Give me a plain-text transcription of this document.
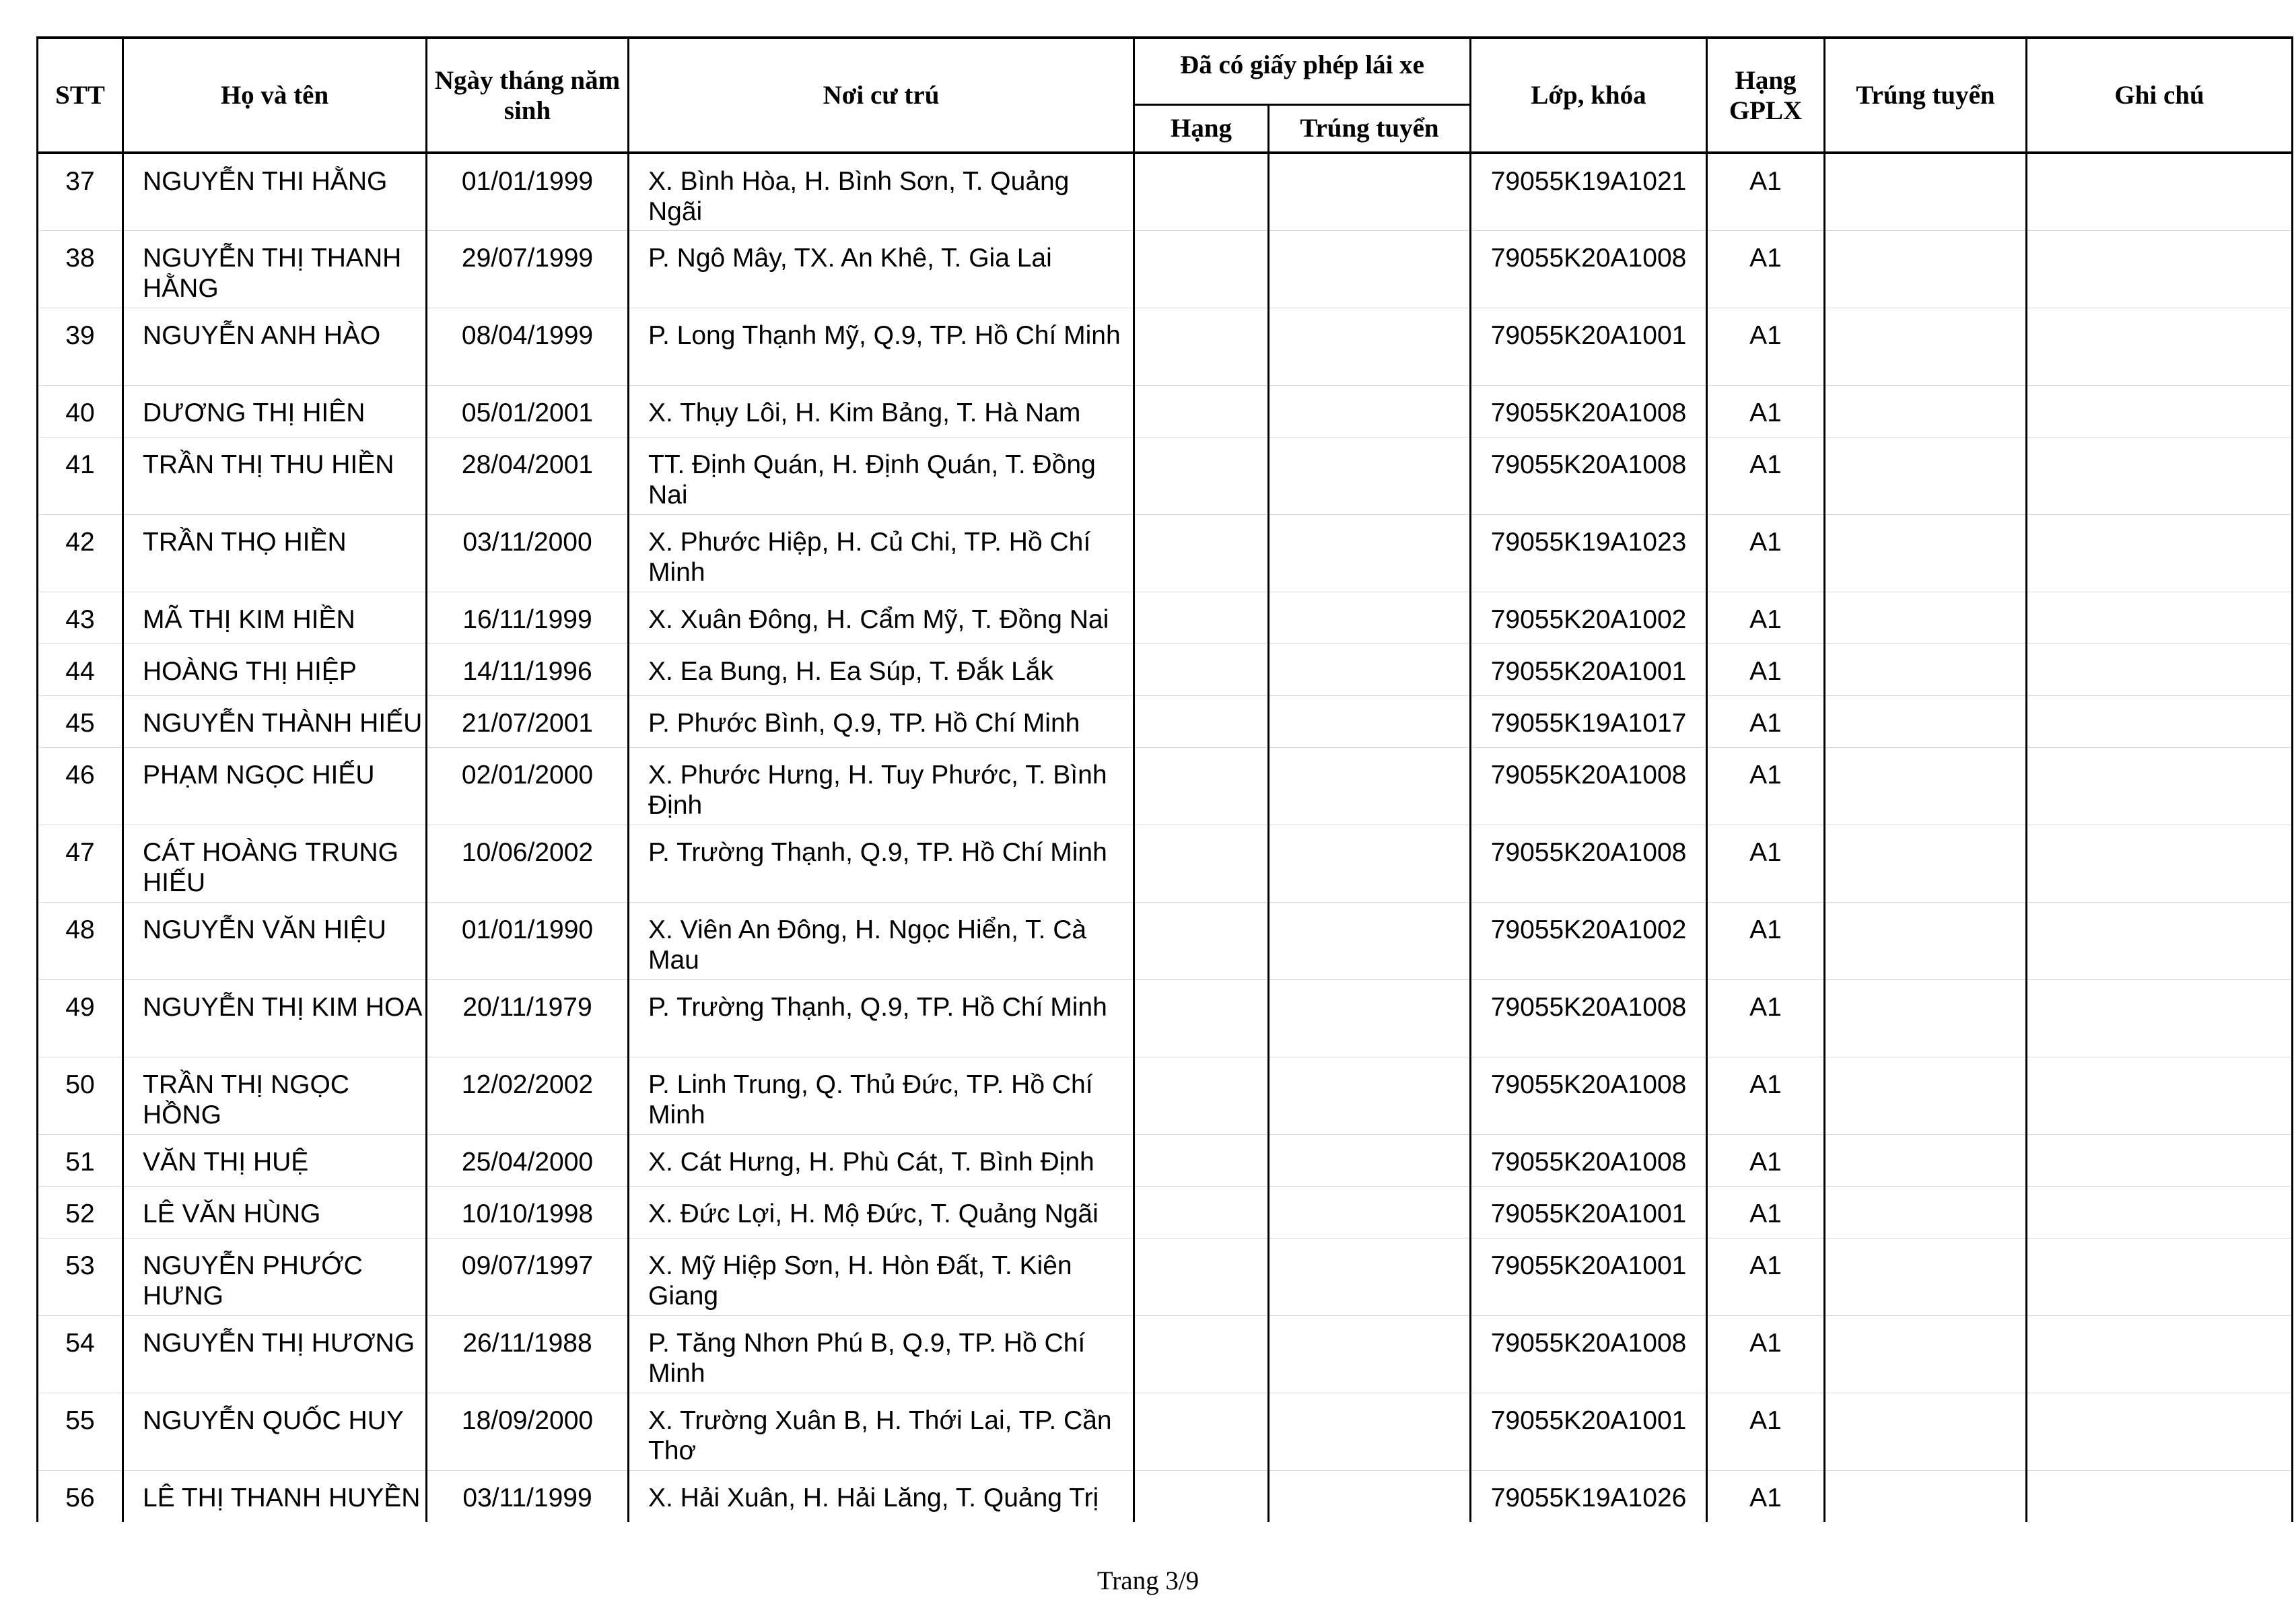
STT	Họ và tên	Ngày tháng năm sinh	Nơi cư trú	Đã có giấy phép lái xe		Lớp, khóa	Hạng GPLX	Trúng tuyển	Ghi chú
				Hạng	Trúng tuyển				
37	NGUYỄN THI HẰNG	01/01/1999	X. Bình Hòa, H. Bình Sơn, T. Quảng Ngãi			79055K19A1021	A1		
38	NGUYỄN THỊ THANH HẰNG	29/07/1999	P. Ngô Mây, TX. An Khê, T. Gia Lai			79055K20A1008	A1		
39	NGUYỄN ANH HÀO	08/04/1999	P. Long Thạnh Mỹ, Q.9, TP. Hồ Chí Minh			79055K20A1001	A1		
40	DƯƠNG THỊ HIÊN	05/01/2001	X. Thụy Lôi, H. Kim Bảng, T. Hà Nam			79055K20A1008	A1		
41	TRẦN THỊ THU HIỀN	28/04/2001	TT. Định Quán, H. Định Quán, T. Đồng Nai			79055K20A1008	A1		
42	TRẦN THỌ HIỀN	03/11/2000	X. Phước Hiệp, H. Củ Chi, TP. Hồ Chí Minh			79055K19A1023	A1		
43	MÃ THỊ KIM HIỀN	16/11/1999	X. Xuân Đông, H. Cẩm Mỹ, T. Đồng Nai			79055K20A1002	A1		
44	HOÀNG THỊ HIỆP	14/11/1996	X. Ea Bung, H. Ea Súp, T. Đắk Lắk			79055K20A1001	A1		
45	NGUYỄN THÀNH HIẾU	21/07/2001	P. Phước Bình, Q.9, TP. Hồ Chí Minh			79055K19A1017	A1		
46	PHẠM NGỌC HIẾU	02/01/2000	X. Phước Hưng, H. Tuy Phước, T. Bình Định			79055K20A1008	A1		
47	CÁT HOÀNG TRUNG HIẾU	10/06/2002	P. Trường Thạnh, Q.9, TP. Hồ Chí Minh			79055K20A1008	A1		
48	NGUYỄN VĂN HIỆU	01/01/1990	X. Viên An Đông, H. Ngọc Hiển, T. Cà Mau			79055K20A1002	A1		
49	NGUYỄN THỊ KIM HOA	20/11/1979	P. Trường Thạnh, Q.9, TP. Hồ Chí Minh			79055K20A1008	A1		
50	TRẦN THỊ NGỌC HỒNG	12/02/2002	P. Linh Trung, Q. Thủ Đức, TP. Hồ Chí Minh			79055K20A1008	A1		
51	VĂN THỊ HUỆ	25/04/2000	X. Cát Hưng, H. Phù Cát, T. Bình Định			79055K20A1008	A1		
52	LÊ VĂN HÙNG	10/10/1998	X. Đức Lợi, H. Mộ Đức, T. Quảng Ngãi			79055K20A1001	A1		
53	NGUYỄN PHƯỚC HƯNG	09/07/1997	X. Mỹ Hiệp Sơn, H. Hòn Đất, T. Kiên Giang			79055K20A1001	A1		
54	NGUYỄN THỊ HƯƠNG	26/11/1988	P. Tăng Nhơn Phú B, Q.9, TP. Hồ Chí Minh			79055K20A1008	A1		
55	NGUYỄN QUỐC HUY	18/09/2000	X. Trường Xuân B, H. Thới Lai, TP. Cần Thơ			79055K20A1001	A1		
56	LÊ THỊ THANH HUYỀN	03/11/1999	X. Hải Xuân, H. Hải Lăng, T. Quảng Trị			79055K19A1026	A1		
Trang 3/9
